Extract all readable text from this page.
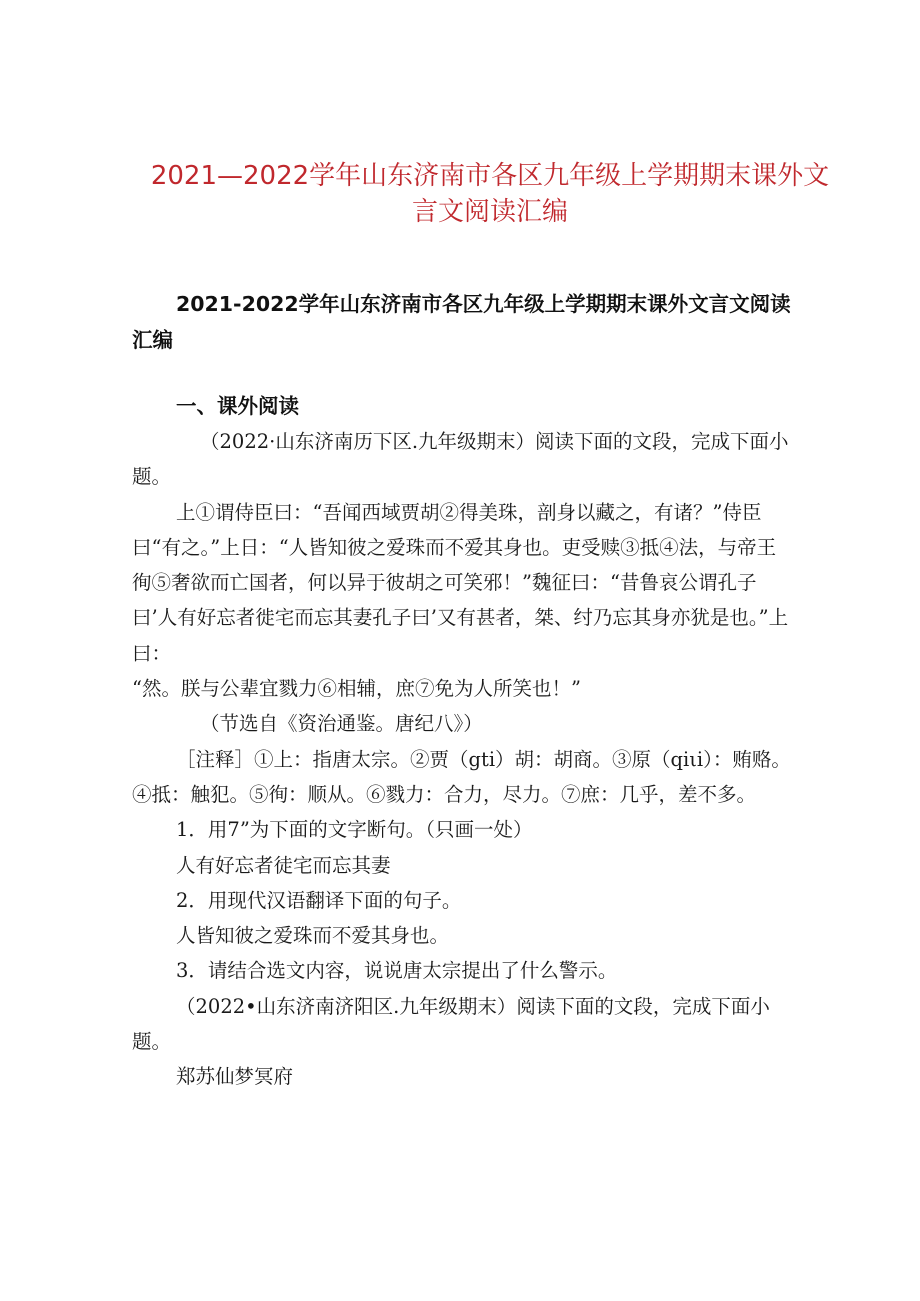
2021—2022学年山东济南市各区九年级上学期期末课外文言文阅读汇编
2021-2022学年山东济南市各区九年级上学期期末课外文言文阅读汇编
一、课外阅读

（2022·山东济南历下区.九年级期末）阅读下面的文段，完成下面小题。

上①谓侍臣曰：“吾闻西域贾胡②得美珠，剖身以藏之，有诸？”侍臣曰“有之。”上日：“人皆知彼之爱珠而不爱其身也。吏受赎③抵④法，与帝王徇⑤奢欲而亡国者，何以异于彼胡之可笑邪！”魏征曰：“昔鲁哀公谓孔子曰’人有好忘者徙宅而忘其妻孔子曰’又有甚者，桀、纣乃忘其身亦犹是也。”上曰：

“然。朕与公辈宜戮力⑥相辅，庶⑦免为人所笑也！”

（节选自《资治通鉴。唐纪八》）

［注释］①上：指唐太宗。②贾（gti）胡：胡商。③原（qiιi）：贿赂。④抵：触犯。⑤徇：顺从。⑥戮力：合力，尽力。⑦庶：几乎，差不多。

1．用7”为下面的文字断句。（只画一处）

人有好忘者徒宅而忘其妻

2．用现代汉语翻译下面的句子。

人皆知彼之爱珠而不爱其身也。

3．请结合选文内容，说说唐太宗提出了什么警示。

（2022•山东济南济阳区.九年级期末）阅读下面的文段，完成下面小题。

郑苏仙梦冥府
